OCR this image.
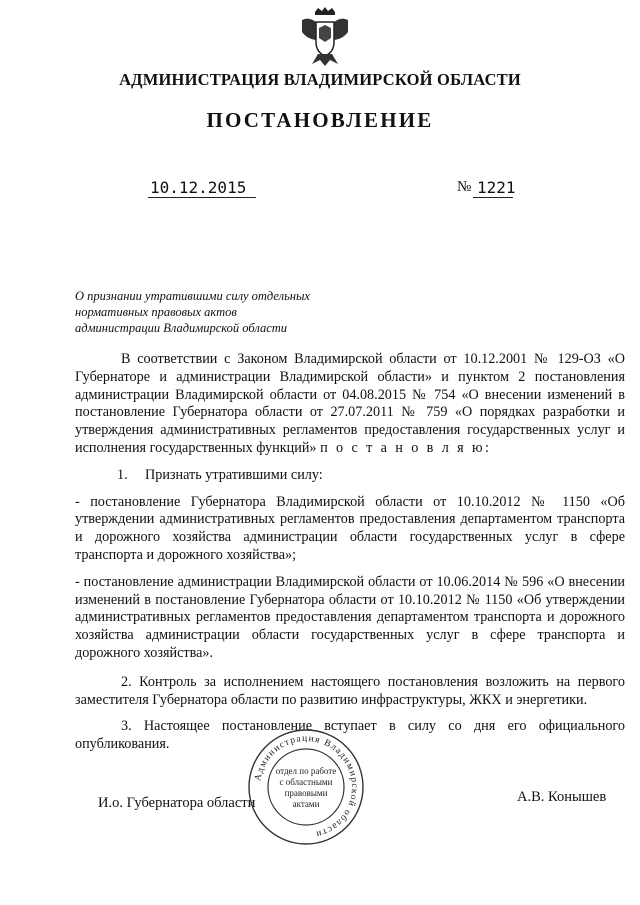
АДМИНИСТРАЦИЯ ВЛАДИМИРСКОЙ ОБЛАСТИ
ПОСТАНОВЛЕНИЕ
10.12.2015	№ 1221
О признании утратившими силу отдельных
нормативных правовых актов
администрации Владимирской области

В соответствии с Законом Владимирской области от 10.12.2001 № 129-ОЗ «О Губернаторе и администрации Владимирской области» и пунктом 2 постановления администрации Владимирской области от 04.08.2015 № 754 «О внесении изменений в постановление Губернатора области от 27.07.2011 № 759 «О порядках разработки и утверждения административных регламентов предоставления государственных услуг и исполнения государственных функций» п о с т а н о в л я ю:

1. Признать утратившими силу:

- постановление Губернатора Владимирской области от 10.10.2012 № 1150 «Об утверждении административных регламентов предоставления департаментом транспорта и дорожного хозяйства администрации области государственных услуг в сфере транспорта и дорожного хозяйства»;

- постановление администрации Владимирской области от 10.06.2014 № 596 «О внесении изменений в постановление Губернатора области от 10.10.2012 № 1150 «Об утверждении административных регламентов предоставления департаментом транспорта и дорожного хозяйства администрации области государственных услуг в сфере транспорта и дорожного хозяйства».

2. Контроль за исполнением настоящего постановления возложить на первого заместителя Губернатора области по развитию инфраструктуры, ЖКХ и энергетики.

3. Настоящее постановление вступает в силу со дня его официального опубликования.

И.о. Губернатора области	А.В. Конышев
Администрация Владимирской области
отдел по работе
с областными
правовыми
актами
